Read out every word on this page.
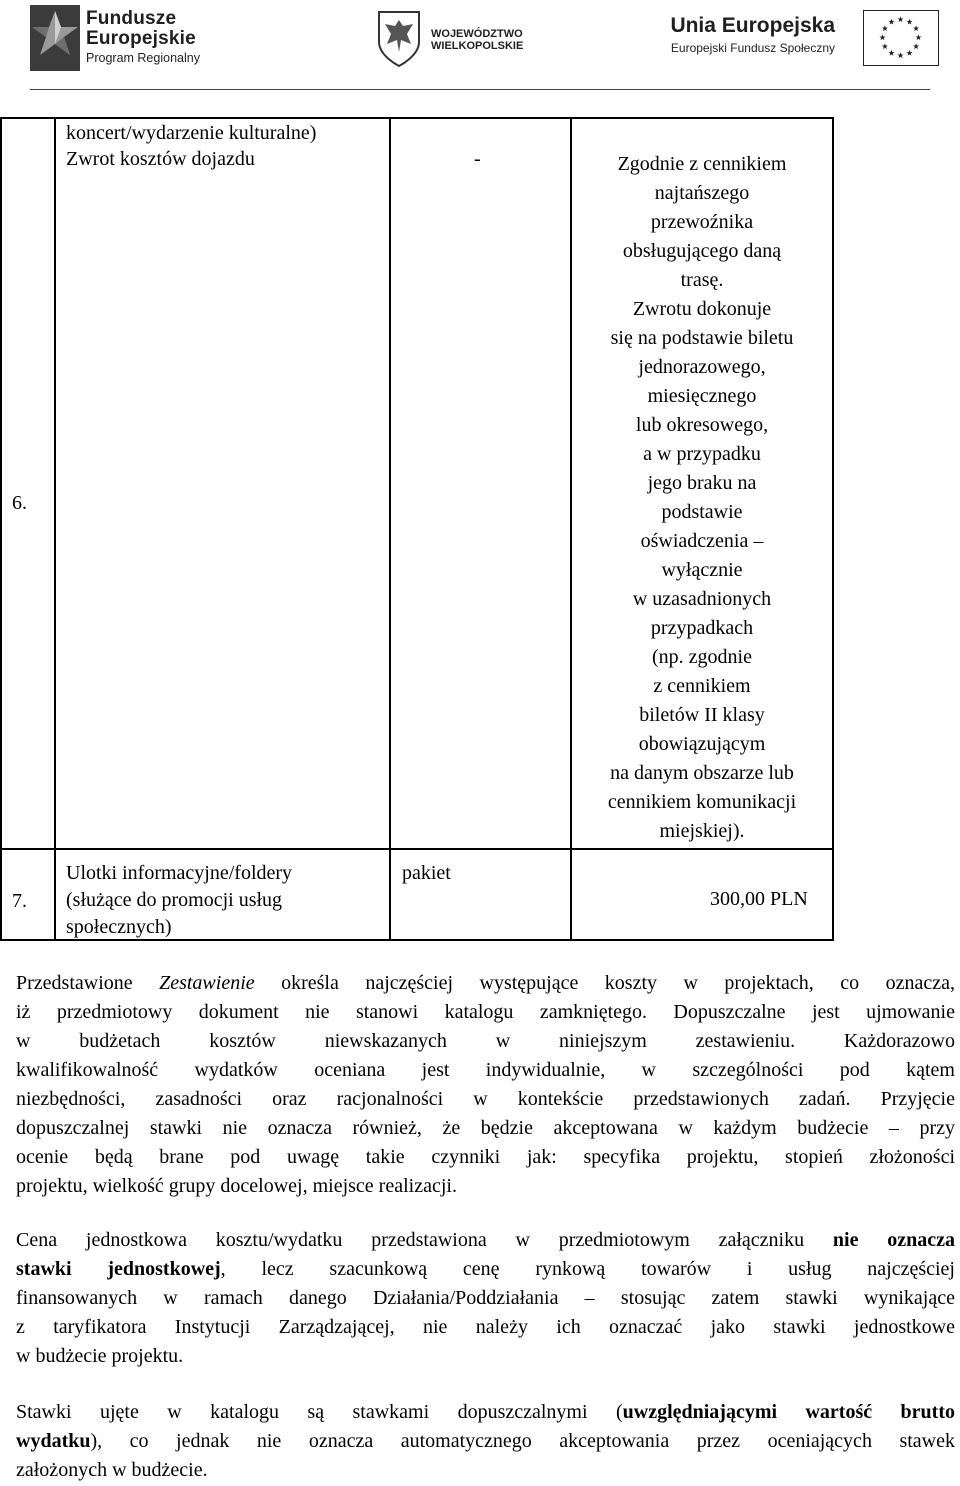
Fundusze
Europejskie
Program Regionalny
WOJEWÓDZTWO
WIELKOPOLSKIE
Unia Europejska
Europejski Fundusz Społeczny
koncert/wydarzenie kulturalne)
Zwrot kosztów dojazdu
6.
-	Zgodnie z cennikiem
najtańszego
przewoźnika
obsługującego daną
trasę.
Zwrotu dokonuje
się na podstawie biletu
jednorazowego,
miesięcznego
lub okresowego,
a w przypadku
jego braku na
podstawie
oświadczenia –
wyłącznie
w uzasadnionych
przypadkach
(np. zgodnie
z cennikiem
biletów II klasy
obowiązującym
na danym obszarze lub
cennikiem komunikacji
miejskiej).
7.
Ulotki informacyjne/foldery
(służące do promocji usług
społecznych)
pakiet
300,00 PLN
Przedstawione Zestawienie określa najczęściej występujące koszty w projektach, co oznacza,
iż przedmiotowy dokument nie stanowi katalogu zamkniętego. Dopuszczalne jest ujmowanie
w budżetach kosztów niewskazanych w niniejszym zestawieniu. Każdorazowo
kwalifikowalność wydatków oceniana jest indywidualnie, w szczególności pod kątem
niezbędności, zasadności oraz racjonalności w kontekście przedstawionych zadań. Przyjęcie
dopuszczalnej stawki nie oznacza również, że będzie akceptowana w każdym budżecie – przy
ocenie będą brane pod uwagę takie czynniki jak: specyfika projektu, stopień złożoności
projektu, wielkość grupy docelowej, miejsce realizacji.
Cena jednostkowa kosztu/wydatku przedstawiona w przedmiotowym załączniku nie oznacza
stawki jednostkowej, lecz szacunkową cenę rynkową towarów i usług najczęściej
finansowanych w ramach danego Działania/Poddziałania – stosując zatem stawki wynikające
z taryfikatora Instytucji Zarządzającej, nie należy ich oznaczać jako stawki jednostkowe
w budżecie projektu.
Stawki ujęte w katalogu są stawkami dopuszczalnymi (uwzględniającymi wartość brutto
wydatku), co jednak nie oznacza automatycznego akceptowania przez oceniających stawek
założonych w budżecie.
